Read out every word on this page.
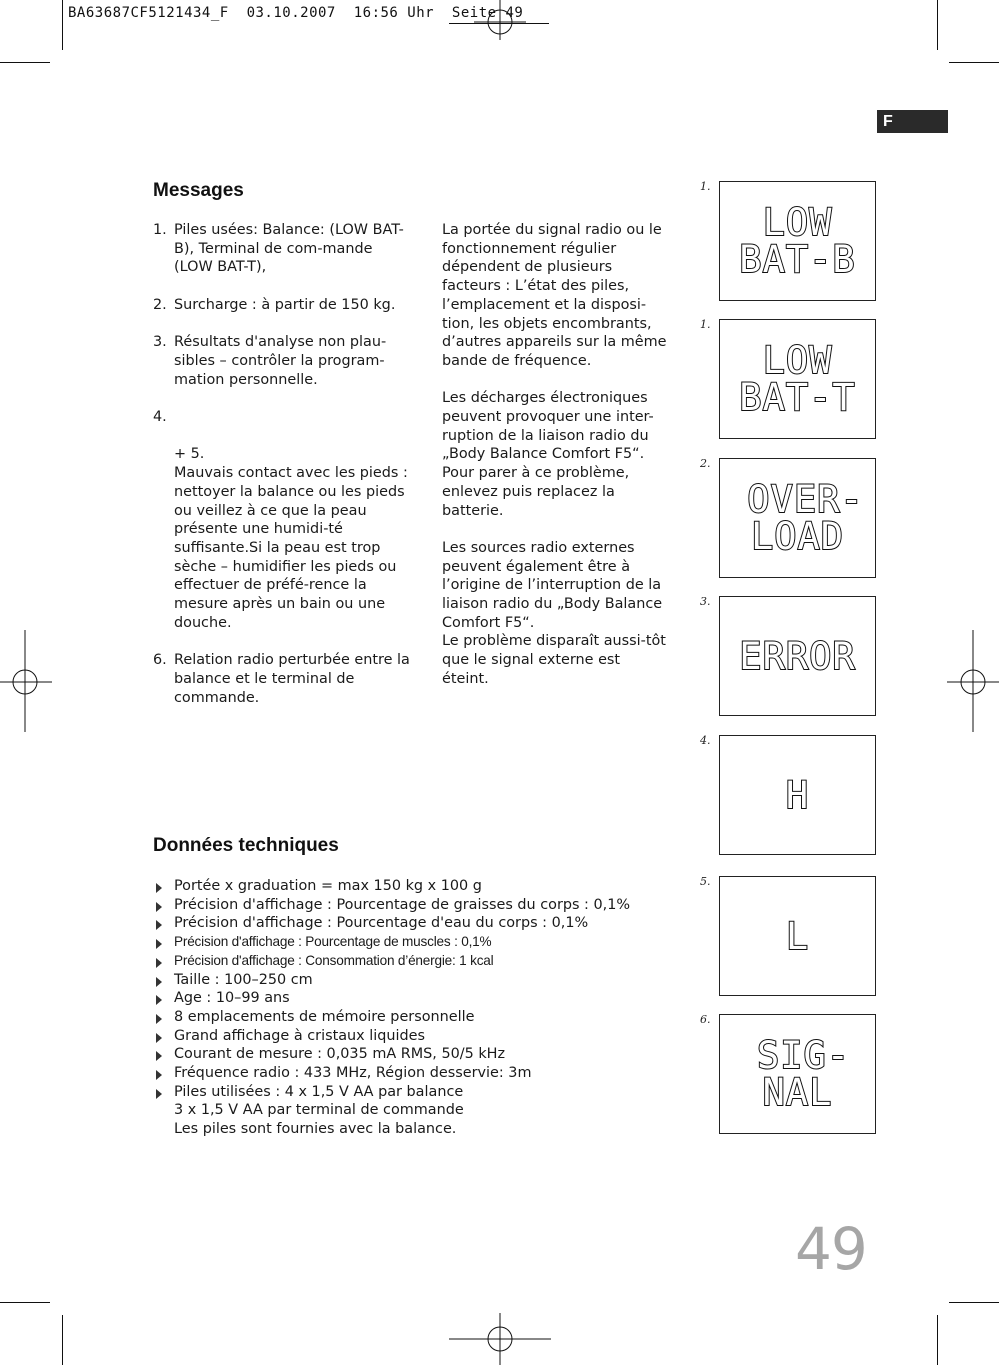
BA63687CF5121434_F  03.10.2007  16:56 Uhr  Seite 49
F
Messages
1. Piles usées: Balance: (LOW BAT-B), Terminal de com-mande (LOW BAT-T),
2. Surcharge : à partir de 150 kg.
3. Résultats d'analyse non plau-sibles – contrôler la program-mation personnelle.

4.

+ 5.
Mauvais contact avec les pieds : nettoyer la balance ou les pieds ou veillez à ce que la peau présente une humidi-té suffisante.Si la peau est trop sèche – humidifier les pieds ou effectuer de préfé-rence la mesure après un bain ou une douche.

6. Relation radio perturbée entre la balance et le terminal de commande.

La portée du signal radio ou le fonctionnement régulier dépendent de plusieurs facteurs : L’état des piles, l’emplacement et la disposi-tion, les objets encombrants, d’autres appareils sur la même bande de fréquence.

Les décharges électroniques peuvent provoquer une inter-ruption de la liaison radio du „Body Balance Comfort F5“. Pour parer à ce problème, enlevez puis replacez la batterie.

Les sources radio externes peuvent également être à l’origine de l’interruption de la liaison radio du „Body Balance Comfort F5“.
Le problème disparaît aussi-tôt que le signal externe est éteint.

Données techniques
Portée x graduation = max 150 kg x 100 g
Précision d'affichage : Pourcentage de graisses du corps : 0,1%
Précision d'affichage : Pourcentage d'eau du corps : 0,1%
Précision d'affichage : Pourcentage de muscles : 0,1%
Précision d'affichage : Consommation d’énergie: 1 kcal
Taille : 100–250 cm
Age : 10–99 ans
8 emplacements de mémoire personnelle
Grand affichage à cristaux liquides
Courant de mesure : 0,035 mA RMS, 50/5 kHz
Fréquence radio : 433 MHz, Région desservie: 3m
Piles utilisées : 4 x 1,5 V AA par balance
3 x 1,5 V AA par terminal de commande
Les piles sont fournies avec la balance.
1.
LOW
BAT-B
1.
LOW
BAT-T
2.
OVER-
LOAD
3.
ERROR
4.
H
5.
L
6.
SIG-
NAL
49
